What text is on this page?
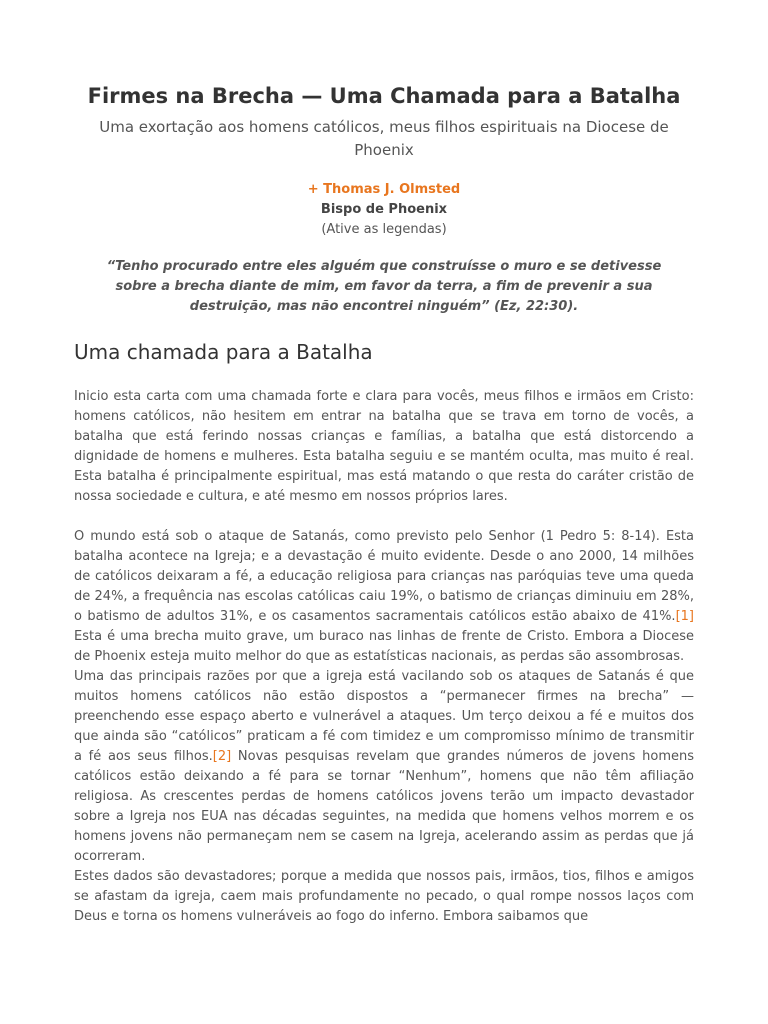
Firmes na Brecha — Uma Chamada para a Batalha

Uma exortação aos homens católicos, meus filhos espirituais na Diocese de Phoenix

+ Thomas J. Olmsted
Bispo de Phoenix
(Ative as legendas)

“Tenho procurado entre eles alguém que construísse o muro e se detivesse sobre a brecha diante de mim, em favor da terra, a fim de prevenir a sua destruição, mas não encontrei ninguém” (Ez, 22:30).

Uma chamada para a Batalha

Inicio esta carta com uma chamada forte e clara para vocês, meus filhos e irmãos em Cristo: homens católicos, não hesitem em entrar na batalha que se trava em torno de vocês, a batalha que está ferindo nossas crianças e famílias, a batalha que está distorcendo a dignidade de homens e mulheres. Esta batalha seguiu e se mantém oculta, mas muito é real. Esta batalha é principalmente espiritual, mas está matando o que resta do caráter cristão de nossa sociedade e cultura, e até mesmo em nossos próprios lares.

O mundo está sob o ataque de Satanás, como previsto pelo Senhor (1 Pedro 5: 8-14). Esta batalha acontece na Igreja; e a devastação é muito evidente. Desde o ano 2000, 14 milhões de católicos deixaram a fé, a educação religiosa para crianças nas paróquias teve uma queda de 24%, a frequência nas escolas católicas caiu 19%, o batismo de crianças diminuiu em 28%, o batismo de adultos 31%, e os casamentos sacramentais católicos estão abaixo de 41%.[1] Esta é uma brecha muito grave, um buraco nas linhas de frente de Cristo. Embora a Diocese de Phoenix esteja muito melhor do que as estatísticas nacionais, as perdas são assombrosas.

Uma das principais razões por que a igreja está vacilando sob os ataques de Satanás é que muitos homens católicos não estão dispostos a “permanecer firmes na brecha” — preenchendo esse espaço aberto e vulnerável a ataques. Um terço deixou a fé e muitos dos que ainda são “católicos” praticam a fé com timidez e um compromisso mínimo de transmitir a fé aos seus filhos.[2] Novas pesquisas revelam que grandes números de jovens homens católicos estão deixando a fé para se tornar “Nenhum”, homens que não têm afiliação religiosa. As crescentes perdas de homens católicos jovens terão um impacto devastador sobre a Igreja nos EUA nas décadas seguintes, na medida que homens velhos morrem e os homens jovens não permaneçam nem se casem na Igreja, acelerando assim as perdas que já ocorreram.

Estes dados são devastadores; porque a medida que nossos pais, irmãos, tios, filhos e amigos se afastam da igreja, caem mais profundamente no pecado, o qual rompe nossos laços com Deus e torna os homens vulneráveis ao fogo do inferno. Embora saibamos que
